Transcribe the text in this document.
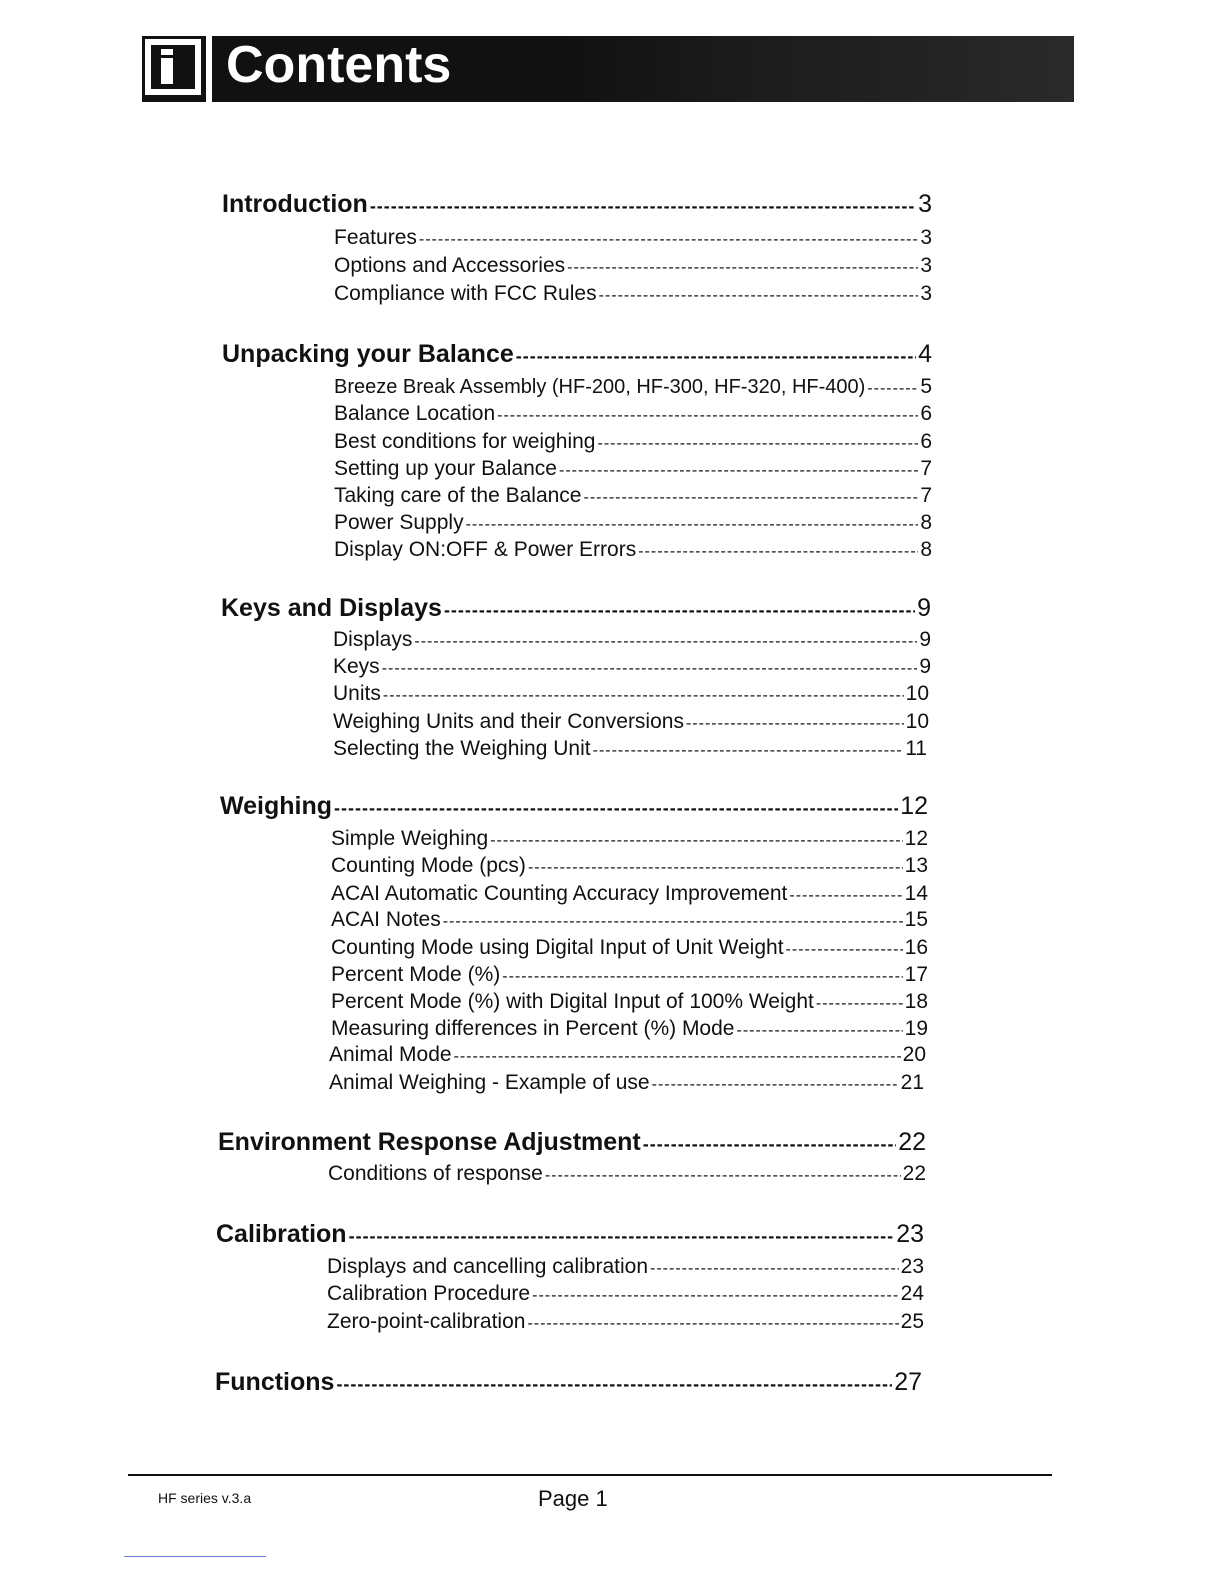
Contents
Introduction -----	3
Features -----	3
Options and Accessories -----	3
Compliance with FCC Rules -----	3
Unpacking your Balance -----	4
Breeze Break Assembly (HF-200, HF-300, HF-320, HF-400) -----	5
Balance Location -----	6
Best conditions for weighing -----	6
Setting up your Balance -----	7
Taking care of the Balance -----	7
Power Supply -----	8
Display ON:OFF & Power Errors -----	8
Keys and Displays -----	9
Displays -----	9
Keys -----	9
Units -----	10
Weighing Units and their Conversions -----	10
Selecting the Weighing Unit -----	11
Weighing -----	12
Simple Weighing -----	12
Counting Mode (pcs) -----	13
ACAI Automatic Counting Accuracy Improvement -----	14
ACAI Notes -----	15
Counting Mode using Digital Input of Unit Weight -----	16
Percent Mode (%) -----	17
Percent Mode (%) with Digital Input of 100% Weight -----	18
Measuring differences in Percent (%) Mode -----	19
Animal Mode -----	20
Animal Weighing - Example of use -----	21
Environment Response Adjustment -----	22
Conditions of response -----	22
Calibration -----	23
Displays and cancelling calibration -----	23
Calibration Procedure -----	24
Zero-point-calibration -----	25
Functions -----	27
HF series v.3.a	Page 1
